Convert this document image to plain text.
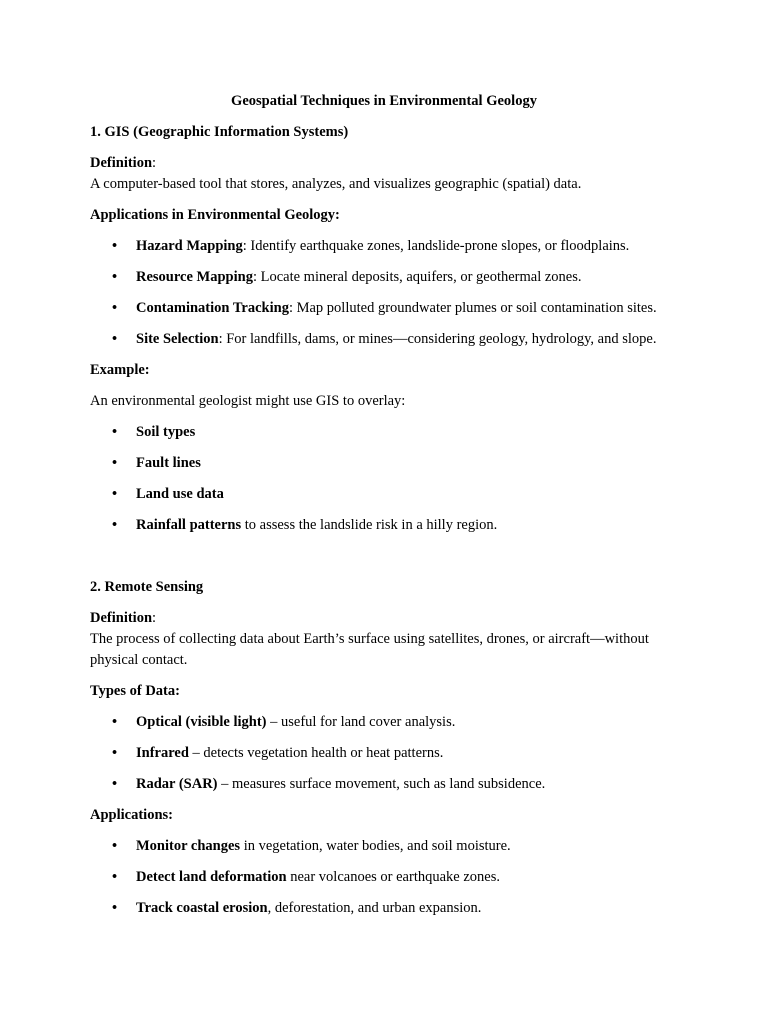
Geospatial Techniques in Environmental Geology
1. GIS (Geographic Information Systems)
Definition:
A computer-based tool that stores, analyzes, and visualizes geographic (spatial) data.
Applications in Environmental Geology:
• Hazard Mapping: Identify earthquake zones, landslide-prone slopes, or floodplains.
• Resource Mapping: Locate mineral deposits, aquifers, or geothermal zones.
• Contamination Tracking: Map polluted groundwater plumes or soil contamination sites.
• Site Selection: For landfills, dams, or mines—considering geology, hydrology, and slope.
Example:
An environmental geologist might use GIS to overlay:
• Soil types
• Fault lines
• Land use data
• Rainfall patterns to assess the landslide risk in a hilly region.
2. Remote Sensing
Definition:
The process of collecting data about Earth’s surface using satellites, drones, or aircraft—without
physical contact.
Types of Data:
• Optical (visible light) – useful for land cover analysis.
• Infrared – detects vegetation health or heat patterns.
• Radar (SAR) – measures surface movement, such as land subsidence.
Applications:
• Monitor changes in vegetation, water bodies, and soil moisture.
• Detect land deformation near volcanoes or earthquake zones.
• Track coastal erosion, deforestation, and urban expansion.
